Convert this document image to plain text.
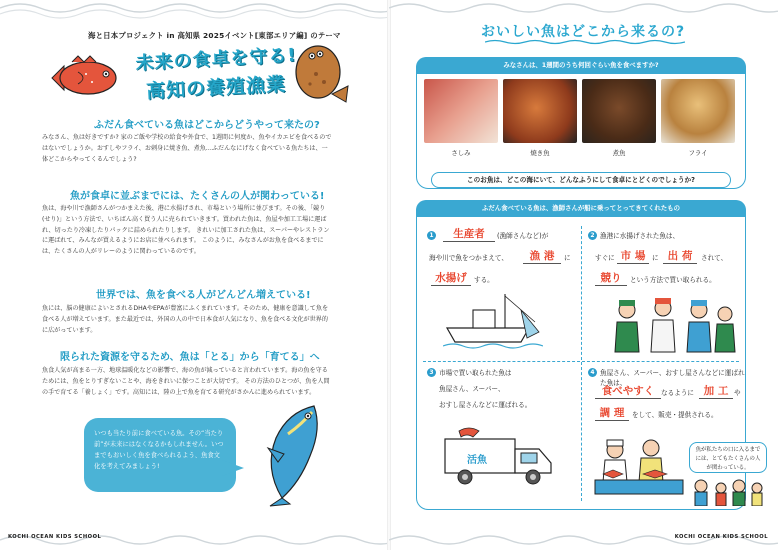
海と日本プロジェクト in 高知県 2025イベント[東部エリア編] のテーマ
未来の食卓を守る!
高知の養殖漁業
ふだん食べている魚はどこからどうやって来たの?
みなさん、魚は好きですか? 家のご飯や学校の給食や外食で、1週間に何度か、魚やイカエビを食べるのではないでしょうか。おすしやフライ、お刺身に焼き魚、煮魚…ふだんなにげなく食べている魚たちは、一体どこからやってくるんでしょう?
魚が食卓に並ぶまでには、たくさんの人が関わっている!
魚は、海や川で漁師さんがつかまえた後、港に水揚げされ、市場という場所に並びます。その後、「競り(せり)」という方法で、いちばん高く買う人に売られていきます。買われた魚は、魚屋や加工工場に運ばれ、切ったり冷凍したりパックに詰められたりします。 きれいに加工された魚は、スーパーやレストランに運ばれて、みんなが買えるようにお店に並べられます。 このように、みなさんがお魚を食べるまでには、たくさんの人がリレーのように関わっているのです。
世界では、魚を食べる人がどんどん増えている!
魚には、脳の健康によいとされるDHAやEPAが豊富にふくまれています。そのため、健康を意識して魚を食べる人が増えています。また最近では、外国の人の中で日本食が人気になり、魚を食べる文化が世界的に広がっています。
限られた資源を守るため、魚は「とる」から「育てる」へ
魚食人気が高まる一方、地球温暖化などの影響で、海の魚が減っていると言われています。海の魚を守るためには、魚をとりすぎないことや、海をきれいに保つことが大切です。 その方法のひとつが、魚を人間の手で育てる「養しょく」です。高知には、陸の上で魚を育てる研究がさかんに進められています。
いつも当たり前に食べている魚。その“当たり前”が未来にはなくなるかもしれません。いつまでもおいしく魚を食べられるよう、魚食文化を考えてみましょう!
KOCHI OCEAN KIDS SCHOOL
おいしい魚はどこから来るの?
みなさんは、1週間のうち何回ぐらい魚を食べますか?
さしみ	焼き魚	煮魚	フライ
このお魚は、どこの海にいて、どんなふうにして食卓にとどくのでしょうか?
ふだん食べている魚は、漁師さんが船に乗ってとってきてくれたもの
1	生産者	(漁師さんなど)が
海や川で魚をつかまえて、	漁 港	に
水揚げ	する。
2 漁港に水揚げされた魚は、
すぐに 市 場	に 出 荷	されて、
競り	という方法で買い取られる。
3 市場で買い取られた魚は
魚屋さん、スーパー、
おすし屋さんなどに運ばれる。
活魚
4 魚屋さん、スーパー、おすし屋さんなどに運ばれた魚は、
食べやすく	なるように 加 工 や
調 理	をして、販売・提供される。
魚が私たちの口に入るまでには、とてもたくさんの人が関わっている。
KOCHI OCEAN KIDS SCHOOL
